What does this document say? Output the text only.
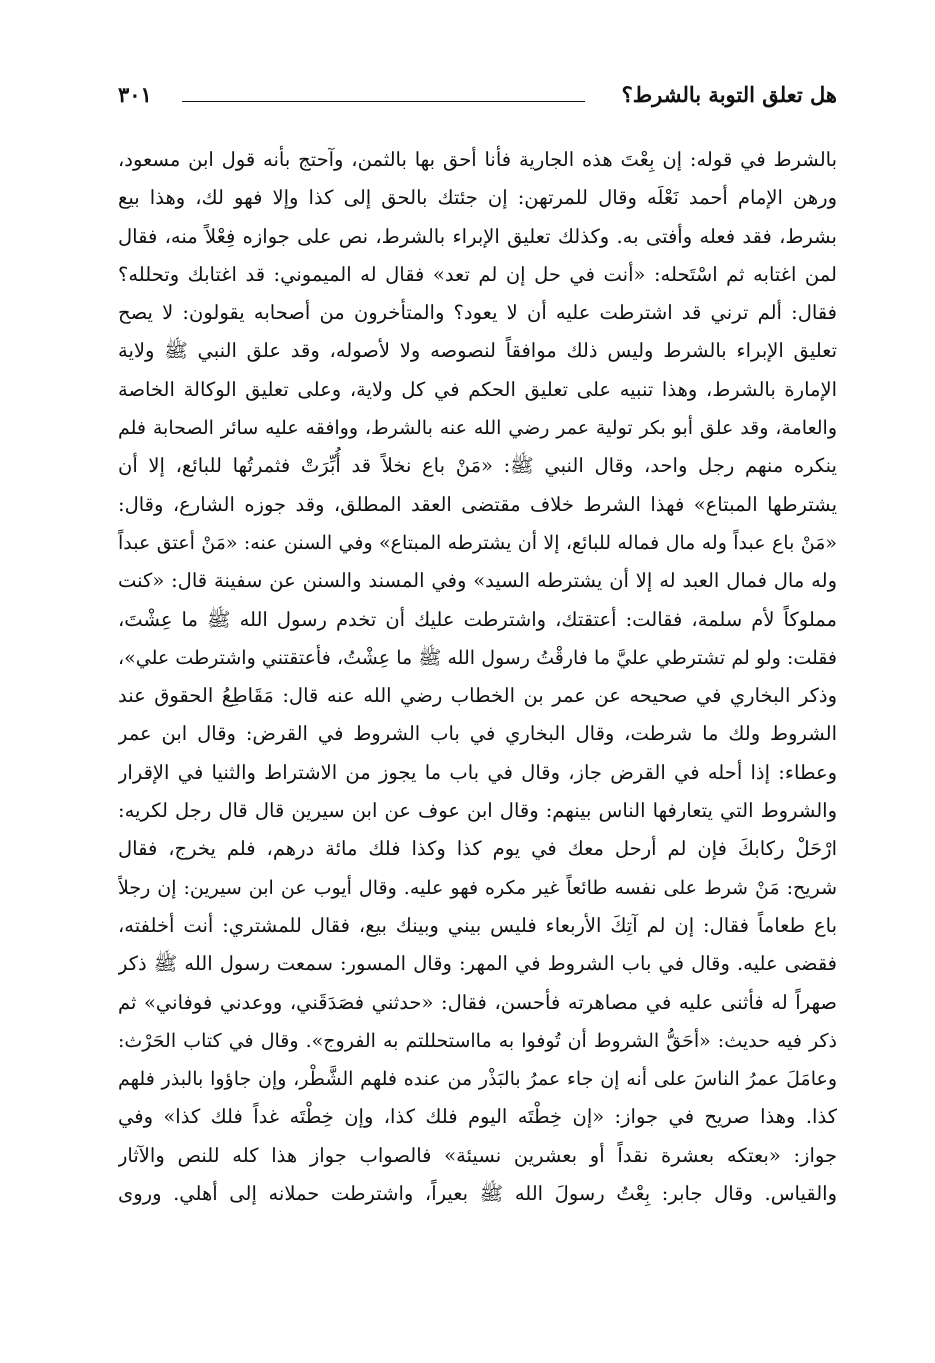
هل تعلق التوبة بالشرط؟
٣٠١
بالشرط في قوله: إن بِعْتَ هذه الجارية فأنا أحق بها بالثمن، وآحتج بأنه قول ابن مسعود،
ورهن الإمام أحمد نَعْلَه وقال للمرتهن: إن جئتك بالحق إلى كذا وإلا فهو لك، وهذا بيع
بشرط، فقد فعله وأفتى به. وكذلك تعليق الإبراء بالشرط، نص على جوازه فِعْلاً منه، فقال
لمن اغتابه ثم اسْتَحله: «أنت في حل إن لم تعد» فقال له الميموني: قد اغتابك وتحلله؟
فقال: ألم ترني قد اشترطت عليه أن لا يعود؟ والمتأخرون من أصحابه يقولون: لا يصح
تعليق الإبراء بالشرط وليس ذلك موافقاً لنصوصه ولا لأصوله، وقد علق النبي ﷺ ولاية
الإمارة بالشرط، وهذا تنبيه على تعليق الحكم في كل ولاية، وعلى تعليق الوكالة الخاصة
والعامة، وقد علق أبو بكر تولية عمر رضي الله عنه بالشرط، ووافقه عليه سائر الصحابة فلم
ينكره منهم رجل واحد، وقال النبي ﷺ: «مَنْ باع نخلاً قد أُبِّرَتْ فثمرتُها للبائع، إلا أن
يشترطها المبتاع» فهذا الشرط خلاف مقتضى العقد المطلق، وقد جوزه الشارع، وقال:
«مَنْ باع عبداً وله مال فماله للبائع، إلا أن يشترطه المبتاع» وفي السنن عنه: «مَنْ أعتق عبداً
وله مال فمال العبد له إلا أن يشترطه السيد» وفي المسند والسنن عن سفينة قال: «كنت
مملوكاً لأم سلمة، فقالت: أعتقتك، واشترطت عليك أن تخدم رسول الله ﷺ ما عِشْتَ،
فقلت: ولو لم تشترطي عليَّ ما فارقْتُ رسول الله ﷺ ما عِشْتُ، فأعتقتني واشترطت علي»،
وذكر البخاري في صحيحه عن عمر بن الخطاب رضي الله عنه قال: مَقَاطِعُ الحقوق عند
الشروط ولك ما شرطت، وقال البخاري في باب الشروط في القرض: وقال ابن عمر
وعطاء: إذا أحله في القرض جاز، وقال في باب ما يجوز من الاشتراط والثنيا في الإقرار
والشروط التي يتعارفها الناس بينهم: وقال ابن عوف عن ابن سيرين قال قال رجل لكريه:
ارْحَلْ ركابكَ فإن لم أرحل معك في يوم كذا وكذا فلك مائة درهم، فلم يخرج، فقال
شريح: مَنْ شرط على نفسه طائعاً غير مكره فهو عليه. وقال أيوب عن ابن سيرين: إن رجلاً
باع طعاماً فقال: إن لم آتِكَ الأربعاء فليس بيني وبينك بيع، فقال للمشتري: أنت أخلفته،
فقضى عليه. وقال في باب الشروط في المهر: وقال المسور: سمعت رسول الله ﷺ ذكر
صهراً له فأثنى عليه في مصاهرته فأحسن، فقال: «حدثني فصَدَقَني، ووعدني فوفاني» ثم
ذكر فيه حديث: «أحَقُّ الشروط أن تُوفوا به مااستحللتم به الفروج». وقال في كتاب الحَرْث:
وعامَلَ عمرُ الناسَ على أنه إن جاء عمرُ بالبَذْر من عنده فلهم الشَّطْر، وإن جاؤوا بالبذر فلهم
كذا. وهذا صريح في جواز: «إن خِطْتَه اليوم فلك كذا، وإن خِطْتَه غداً فلك كذا» وفي
جواز: «بعتكه بعشرة نقداً أو بعشرين نسيئة» فالصواب جواز هذا كله للنص والآثار
والقياس. وقال جابر: بِعْتُ رسولَ الله ﷺ بعيراً، واشترطت حملانه إلى أهلي. وروى
